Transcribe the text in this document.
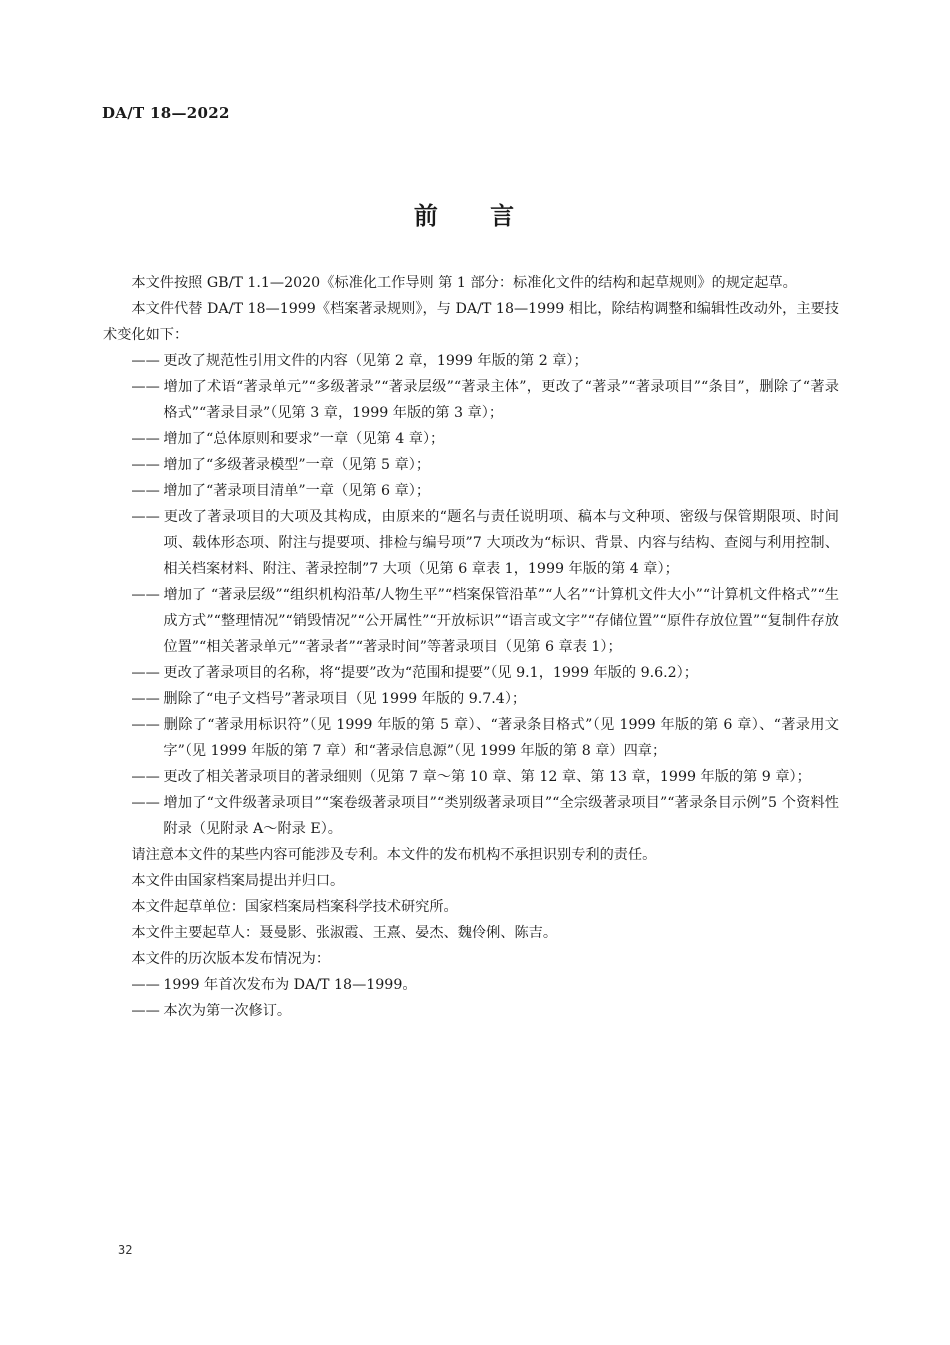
DA/T 18—2022
前 言

本文件按照 GB/T 1.1—2020《标准化工作导则 第 1 部分：标准化文件的结构和起草规则》的规定起草。

本文件代替 DA/T 18—1999《档案著录规则》，与 DA/T 18—1999 相比，除结构调整和编辑性改动外，主要技术变化如下：

—— 更改了规范性引用文件的内容（见第 2 章，1999 年版的第 2 章）；

—— 增加了术语“著录单元”“多级著录”“著录层级”“著录主体”，更改了“著录”“著录项目”“条目”，删除了“著录格式”“著录目录”（见第 3 章，1999 年版的第 3 章）；

—— 增加了“总体原则和要求”一章（见第 4 章）；

—— 增加了“多级著录模型”一章（见第 5 章）；

—— 增加了“著录项目清单”一章（见第 6 章）；

—— 更改了著录项目的大项及其构成，由原来的“题名与责任说明项、稿本与文种项、密级与保管期限项、时间项、载体形态项、附注与提要项、排检与编号项”7 大项改为“标识、背景、内容与结构、查阅与利用控制、相关档案材料、附注、著录控制”7 大项（见第 6 章表 1，1999 年版的第 4 章）；

—— 增加了 “著录层级”“组织机构沿革/人物生平”“档案保管沿革”“人名”“计算机文件大小”“计算机文件格式”“生成方式”“整理情况”“销毁情况”“公开属性”“开放标识”“语言或文字”“存储位置”“原件存放位置”“复制件存放位置”“相关著录单元”“著录者”“著录时间”等著录项目（见第 6 章表 1）；

—— 更改了著录项目的名称，将“提要”改为“范围和提要”（见 9.1，1999 年版的 9.6.2）；

—— 删除了“电子文档号”著录项目（见 1999 年版的 9.7.4）；

—— 删除了“著录用标识符”（见 1999 年版的第 5 章）、“著录条目格式”（见 1999 年版的第 6 章）、“著录用文字”（见 1999 年版的第 7 章）和“著录信息源”（见 1999 年版的第 8 章）四章；

—— 更改了相关著录项目的著录细则（见第 7 章～第 10 章、第 12 章、第 13 章，1999 年版的第 9 章）；

—— 增加了“文件级著录项目”“案卷级著录项目”“类别级著录项目”“全宗级著录项目”“著录条目示例”5 个资料性附录（见附录 A～附录 E）。

请注意本文件的某些内容可能涉及专利。本文件的发布机构不承担识别专利的责任。

本文件由国家档案局提出并归口。

本文件起草单位：国家档案局档案科学技术研究所。

本文件主要起草人：聂曼影、张淑霞、王熹、晏杰、魏伶俐、陈吉。

本文件的历次版本发布情况为：

—— 1999 年首次发布为 DA/T 18—1999。

—— 本次为第一次修订。

32
